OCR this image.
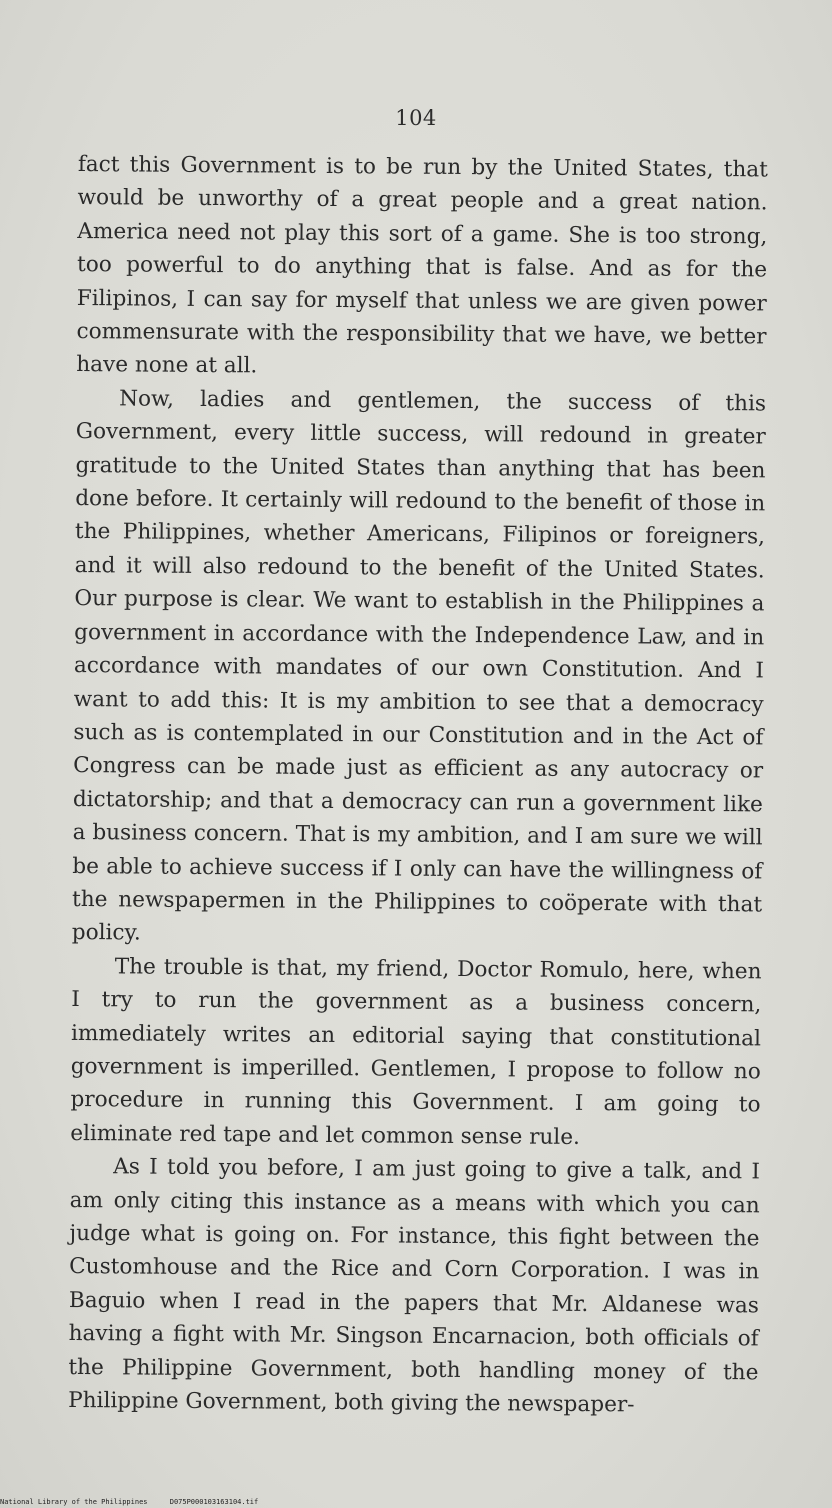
104

fact this Government is to be run by the United States, that would be unworthy of a great people and a great nation. America need not play this sort of a game. She is too strong, too powerful to do anything that is false. And as for the Filipinos, I can say for myself that unless we are given power commensurate with the responsibility that we have, we better have none at all.

Now, ladies and gentlemen, the success of this Government, every little success, will redound in greater gratitude to the United States than anything that has been done before. It certainly will redound to the benefit of those in the Philippines, whether Americans, Filipinos or foreigners, and it will also redound to the benefit of the United States. Our purpose is clear. We want to establish in the Philippines a government in accordance with the Independence Law, and in accordance with mandates of our own Constitution. And I want to add this: It is my ambition to see that a democracy such as is contemplated in our Constitution and in the Act of Congress can be made just as efficient as any autocracy or dictatorship; and that a democracy can run a government like a business concern. That is my ambition, and I am sure we will be able to achieve success if I only can have the willingness of the newspapermen in the Philippines to coöperate with that policy.

The trouble is that, my friend, Doctor Romulo, here, when I try to run the government as a business concern, immediately writes an editorial saying that constitutional government is imperilled. Gentlemen, I propose to follow no procedure in running this Government. I am going to eliminate red tape and let common sense rule.

As I told you before, I am just going to give a talk, and I am only citing this instance as a means with which you can judge what is going on. For instance, this fight between the Customhouse and the Rice and Corn Corporation. I was in Baguio when I read in the papers that Mr. Aldanese was having a fight with Mr. Singson Encarnacion, both officials of the Philippine Government, both handling money of the Philippine Government, both giving the newspaper-

National Library of the Philippines	D075P000103163104.tif
